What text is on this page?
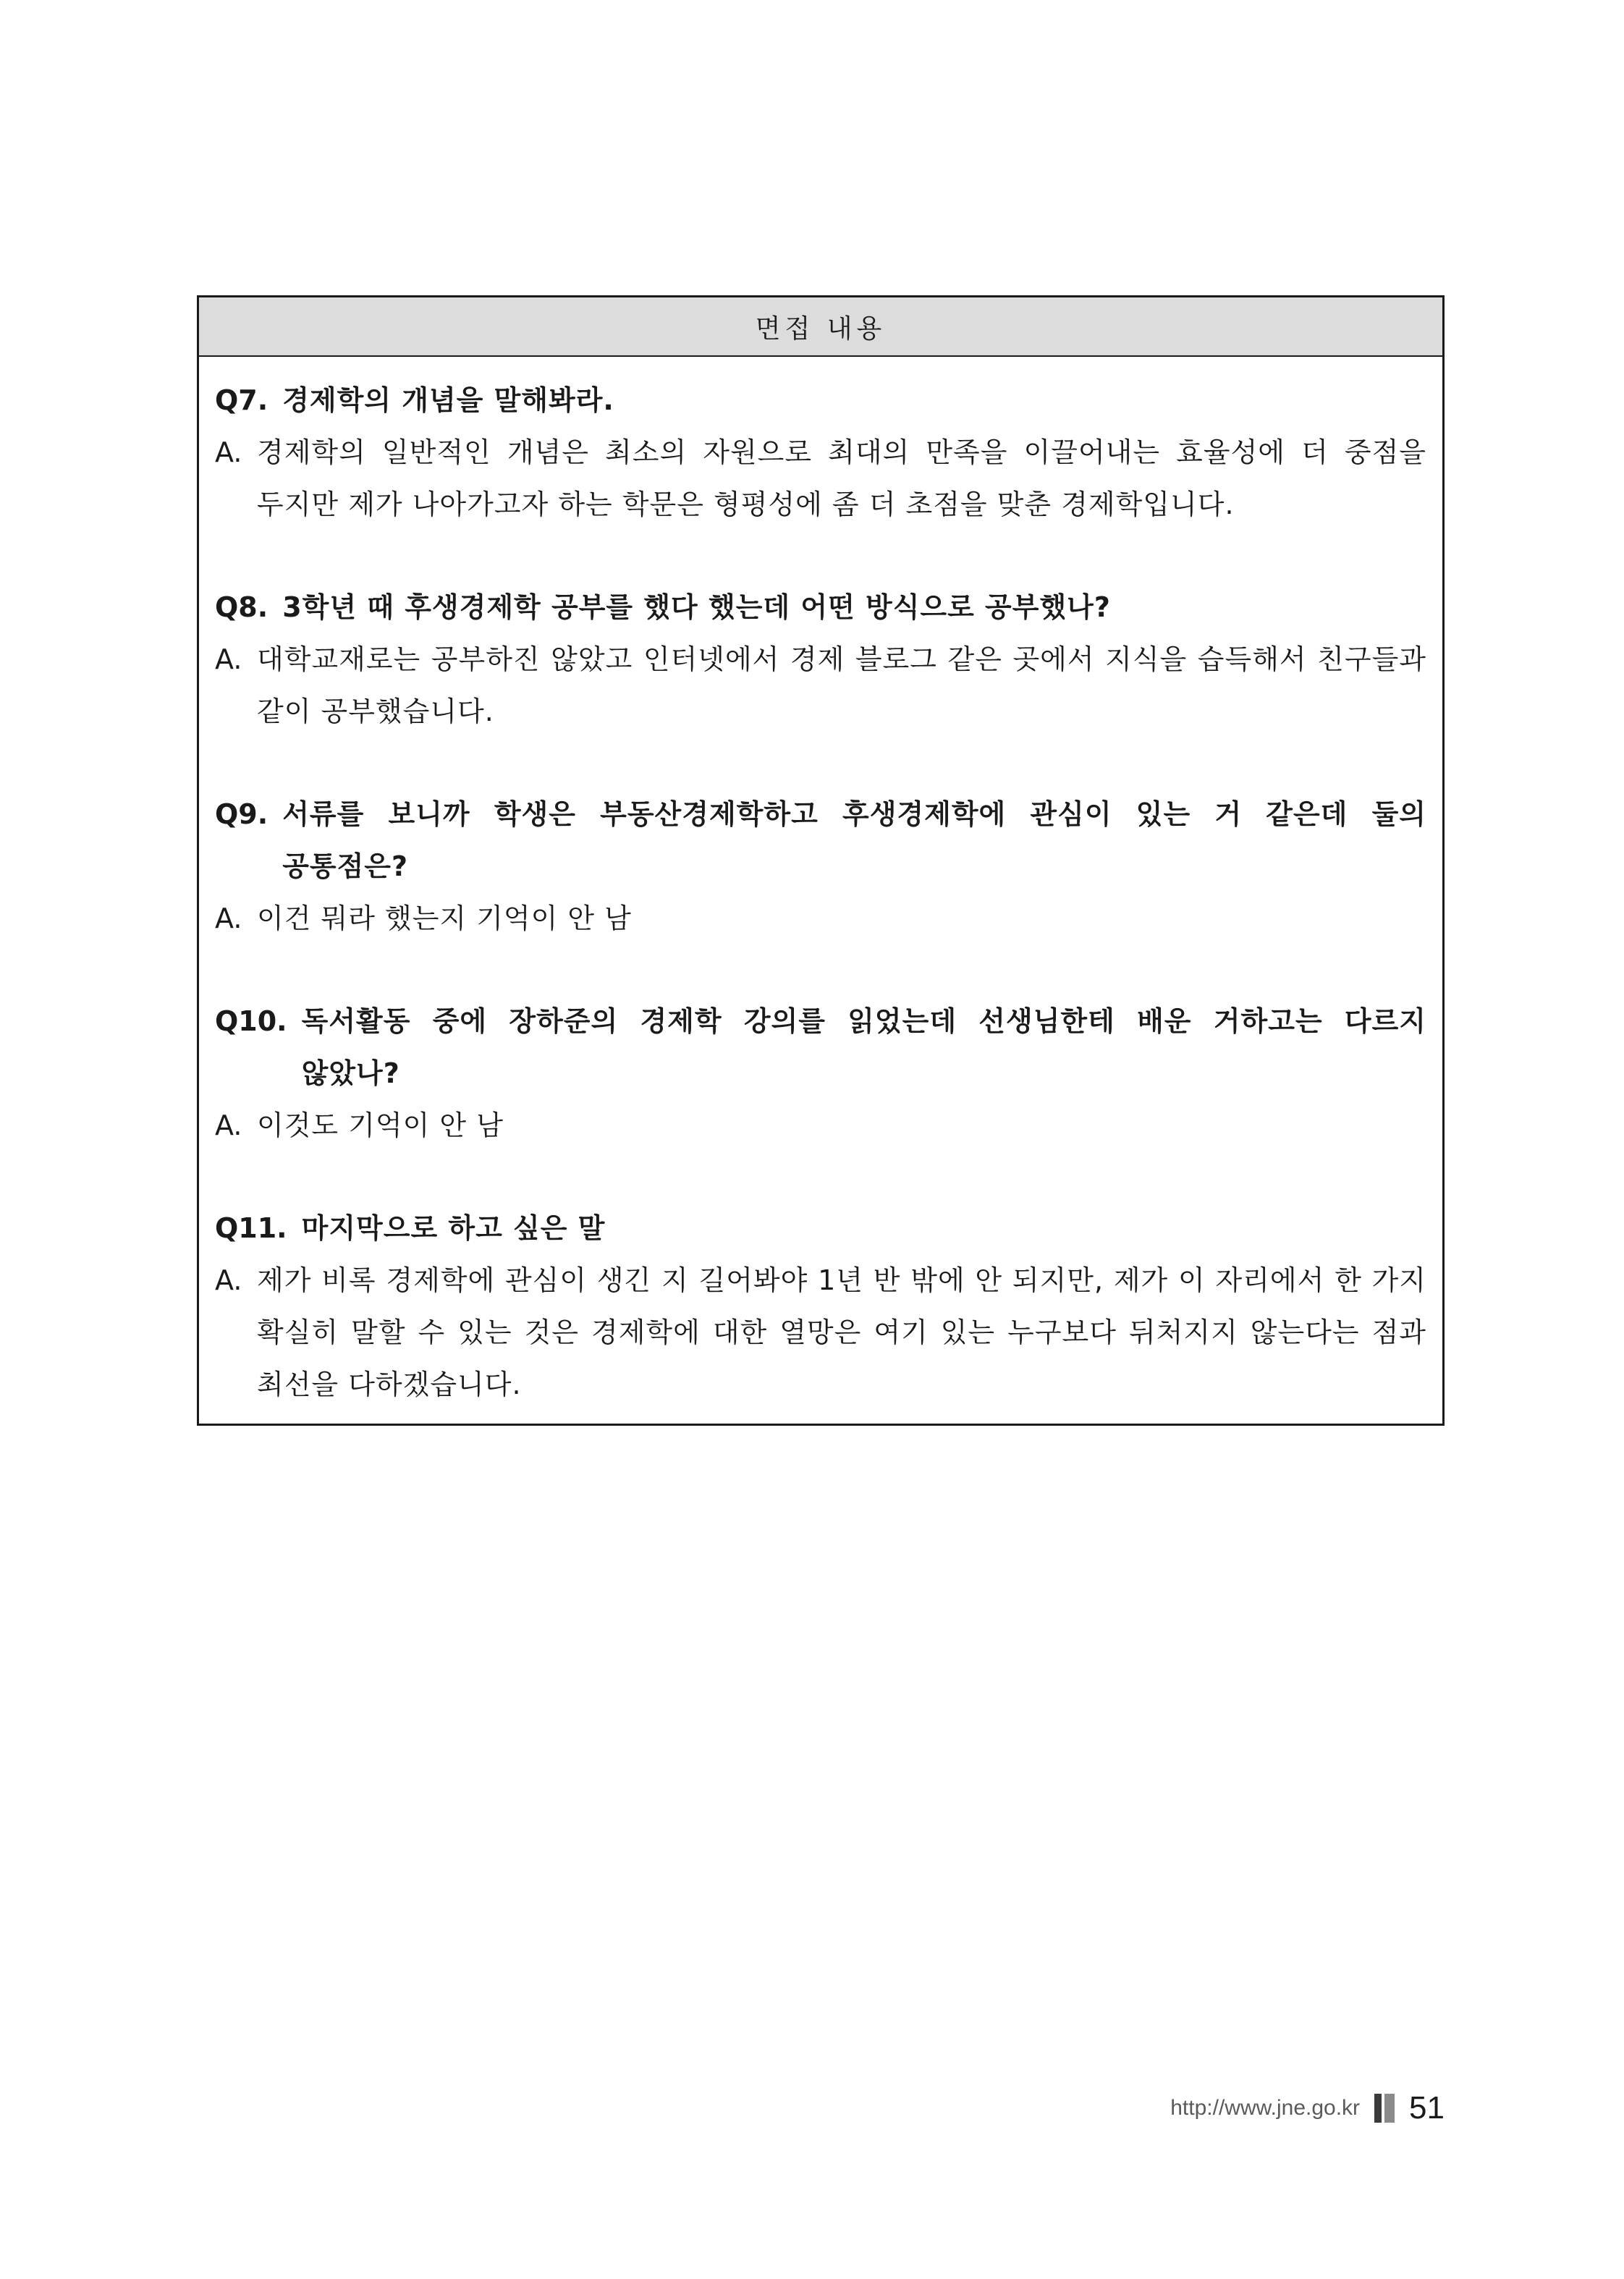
면접 내용
Q7. 경제학의 개념을 말해봐라.
A. 경제학의 일반적인 개념은 최소의 자원으로 최대의 만족을 이끌어내는 효율성에 더 중점을 두지만 제가 나아가고자 하는 학문은 형평성에 좀 더 초점을 맞춘 경제학입니다.
Q8. 3학년 때 후생경제학 공부를 했다 했는데 어떤 방식으로 공부했나?
A. 대학교재로는 공부하진 않았고 인터넷에서 경제 블로그 같은 곳에서 지식을 습득해서 친구들과 같이 공부했습니다.
Q9. 서류를 보니까 학생은 부동산경제학하고 후생경제학에 관심이 있는 거 같은데 둘의 공통점은?
A. 이건 뭐라 했는지 기억이 안 남
Q10. 독서활동 중에 장하준의 경제학 강의를 읽었는데 선생님한테 배운 거하고는 다르지 않았나?
A. 이것도 기억이 안 남
Q11. 마지막으로 하고 싶은 말
A. 제가 비록 경제학에 관심이 생긴 지 길어봐야 1년 반 밖에 안 되지만, 제가 이 자리에서 한 가지 확실히 말할 수 있는 것은 경제학에 대한 열망은 여기 있는 누구보다 뒤처지지 않는다는 점과 최선을 다하겠습니다.
http://www.jne.go.kr 51
